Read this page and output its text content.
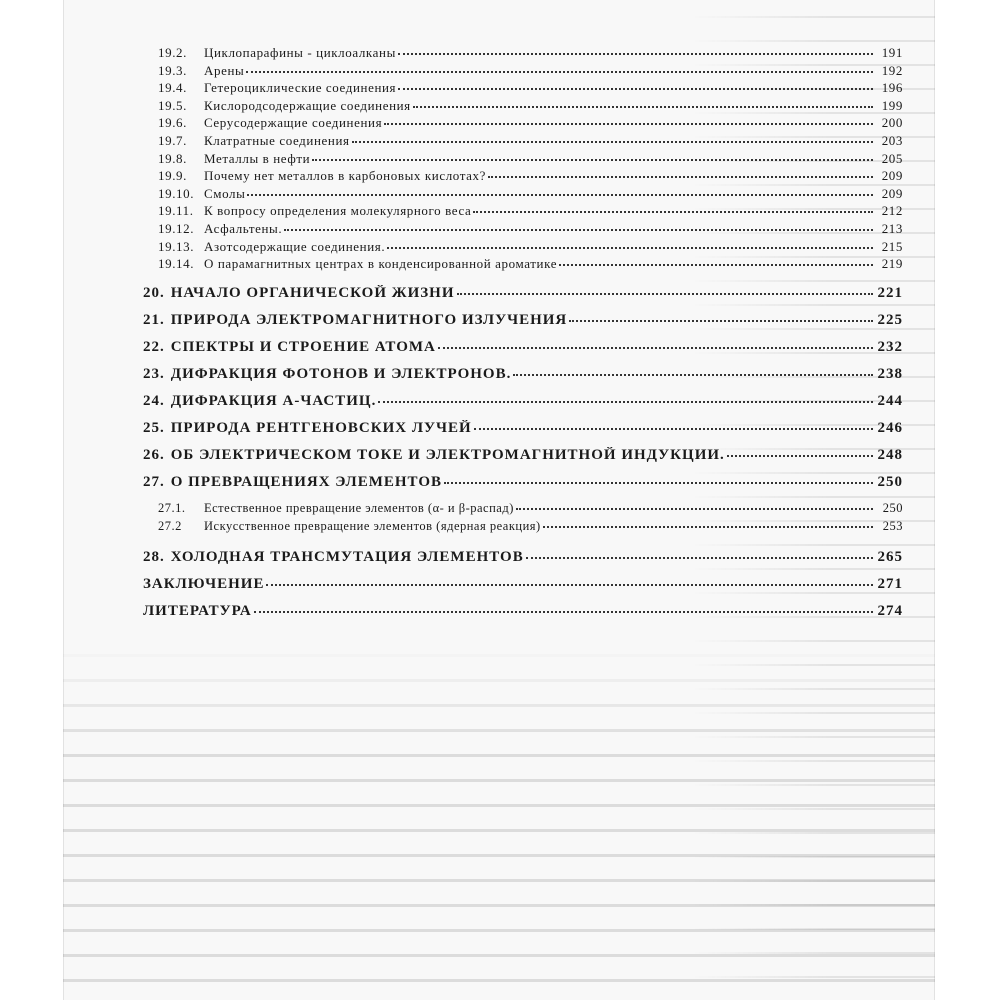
19.2.	Циклопарафины - циклоалканы	191
19.3.	Арены	192
19.4.	Гетероциклические соединения	196
19.5.	Кислородсодержащие соединения	199
19.6.	Серусодержащие соединения	200
19.7.	Клатратные соединения	203
19.8.	Металлы в нефти	205
19.9.	Почему нет металлов в карбоновых кислотах?	209
19.10. Смолы	209
19.11. К вопросу определения молекулярного веса	212
19.12. Асфальтены.	213
19.13. Азотсодержащие соединения.	215
19.14. О парамагнитных центрах в конденсированной ароматике	219
20. НАЧАЛО ОРГАНИЧЕСКОЙ ЖИЗНИ	221
21. ПРИРОДА ЭЛЕКТРОМАГНИТНОГО ИЗЛУЧЕНИЯ	225
22. СПЕКТРЫ И СТРОЕНИЕ АТОМА	232
23. ДИФРАКЦИЯ ФОТОНОВ И ЭЛЕКТРОНОВ.	238
24. ДИФРАКЦИЯ A-ЧАСТИЦ.	244
25. ПРИРОДА РЕНТГЕНОВСКИХ ЛУЧЕЙ	246
26. ОБ ЭЛЕКТРИЧЕСКОМ ТОКЕ И ЭЛЕКТРОМАГНИТНОЙ ИНДУКЦИИ.	248
27. О ПРЕВРАЩЕНИЯХ ЭЛЕМЕНТОВ	250
27.1.	Естественное превращение элементов (α- и β-распад)	250
27.2	Искусственное превращение элементов (ядерная реакция)	253
28. ХОЛОДНАЯ ТРАНСМУТАЦИЯ ЭЛЕМЕНТОВ	265
ЗАКЛЮЧЕНИЕ	271
ЛИТЕРАТУРА	274
